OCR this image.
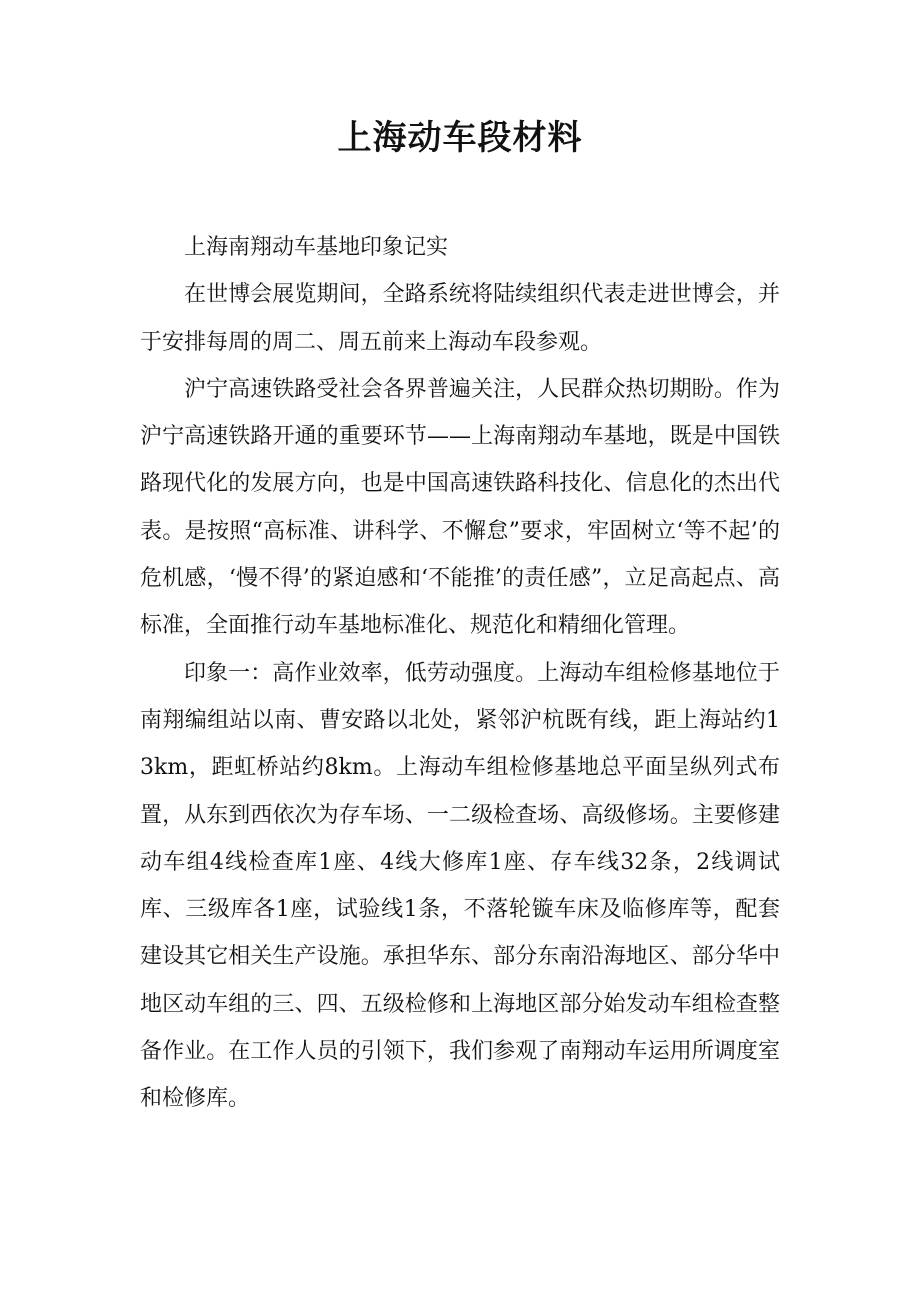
上海动车段材料

上海南翔动车基地印象记实

在世博会展览期间，全路系统将陆续组织代表走进世博会，并于安排每周的周二、周五前来上海动车段参观。

沪宁高速铁路受社会各界普遍关注，人民群众热切期盼。作为沪宁高速铁路开通的重要环节——上海南翔动车基地，既是中国铁路现代化的发展方向，也是中国高速铁路科技化、信息化的杰出代表。是按照“高标准、讲科学、不懈怠”要求，牢固树立‘等不起’的危机感，‘慢不得’的紧迫感和‘不能推’的责任感”，立足高起点、高标准，全面推行动车基地标准化、规范化和精细化管理。

印象一：高作业效率，低劳动强度。上海动车组检修基地位于南翔编组站以南、曹安路以北处，紧邻沪杭既有线，距上海站约13km，距虹桥站约8km。上海动车组检修基地总平面呈纵列式布置，从东到西依次为存车场、一二级检查场、高级修场。主要修建动车组4线检查库1座、4线大修库1座、存车线32条，2线调试库、三级库各1座，试验线1条，不落轮镟车床及临修库等，配套建设其它相关生产设施。承担华东、部分东南沿海地区、部分华中地区动车组的三、四、五级检修和上海地区部分始发动车组检查整备作业。在工作人员的引领下，我们参观了南翔动车运用所调度室和检修库。
